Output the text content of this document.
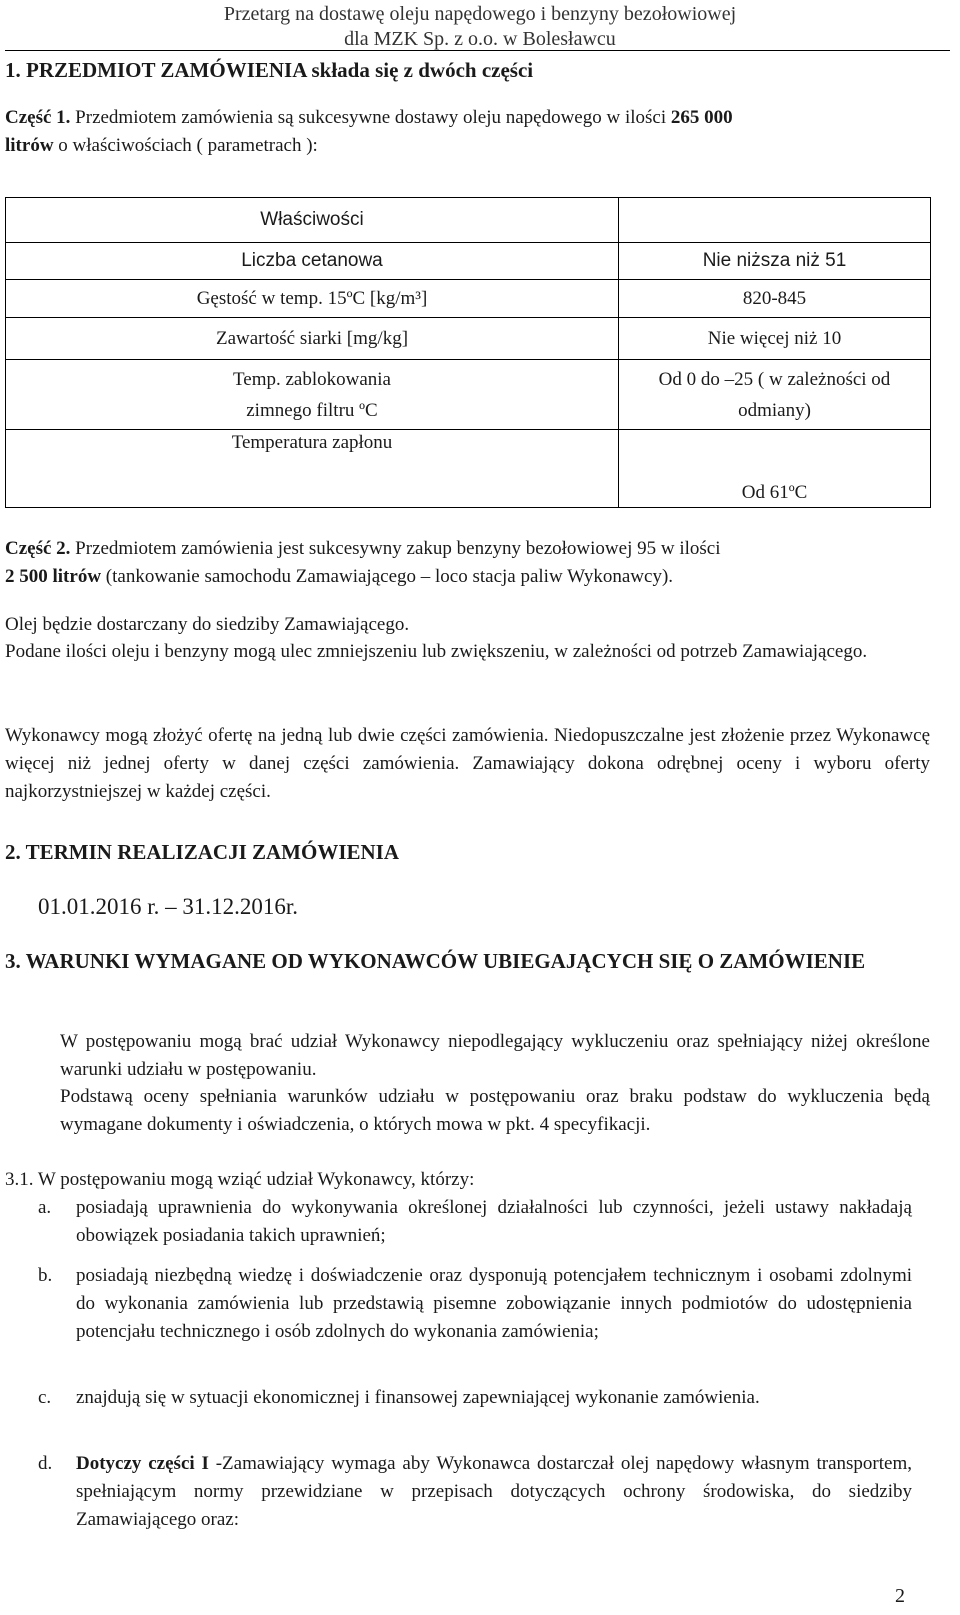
Przetarg na dostawę oleju napędowego i benzyny bezołowiowej
dla MZK Sp. z o.o. w Bolesławcu
1. PRZEDMIOT ZAMÓWIENIA składa się z dwóch części
Część 1. Przedmiotem zamówienia są sukcesywne dostawy oleju napędowego w ilości 265 000
litrów o właściwościach ( parametrach ):
Właściwości	
Liczba cetanowa	Nie niższa niż 51
Gęstość w temp. 15ºC [kg/m³]	820-845
Zawartość siarki [mg/kg]	Nie więcej niż 10
Temp. zablokowania zimnego filtru ºC	Od 0 do –25 ( w zależności od odmiany)
Temperatura zapłonu	Od 61ºC
Część 2. Przedmiotem zamówienia jest sukcesywny zakup benzyny bezołowiowej 95 w ilości
2 500 litrów (tankowanie samochodu Zamawiającego – loco stacja paliw Wykonawcy).
Olej będzie dostarczany do siedziby Zamawiającego.
Podane ilości oleju i benzyny mogą ulec zmniejszeniu lub zwiększeniu, w zależności od potrzeb Zamawiającego.
Wykonawcy mogą złożyć ofertę na jedną lub dwie części zamówienia. Niedopuszczalne jest złożenie przez Wykonawcę więcej niż jednej oferty w danej części zamówienia. Zamawiający dokona odrębnej oceny i wyboru oferty najkorzystniejszej w każdej części.
2. TERMIN REALIZACJI ZAMÓWIENIA
01.01.2016 r. – 31.12.2016r.
3. WARUNKI WYMAGANE OD WYKONAWCÓW UBIEGAJĄCYCH SIĘ O ZAMÓWIENIE
W postępowaniu mogą brać udział Wykonawcy niepodlegający wykluczeniu oraz spełniający niżej określone warunki udziału w postępowaniu.
Podstawą oceny spełniania warunków udziału w postępowaniu oraz braku podstaw do wykluczenia będą wymagane dokumenty i oświadczenia, o których mowa w pkt. 4 specyfikacji.
3.1. W postępowaniu mogą wziąć udział Wykonawcy, którzy:
a. posiadają uprawnienia do wykonywania określonej działalności lub czynności, jeżeli ustawy nakładają obowiązek posiadania takich uprawnień;
b. posiadają niezbędną wiedzę i doświadczenie oraz dysponują potencjałem technicznym i osobami zdolnymi do wykonania zamówienia lub przedstawią pisemne zobowiązanie innych podmiotów do udostępnienia potencjału technicznego i osób zdolnych do wykonania zamówienia;
c. znajdują się w sytuacji ekonomicznej i finansowej zapewniającej wykonanie zamówienia.
d. Dotyczy części I -Zamawiający wymaga aby Wykonawca dostarczał olej napędowy własnym transportem, spełniającym normy przewidziane w przepisach dotyczących ochrony środowiska, do siedziby Zamawiającego oraz:
2
